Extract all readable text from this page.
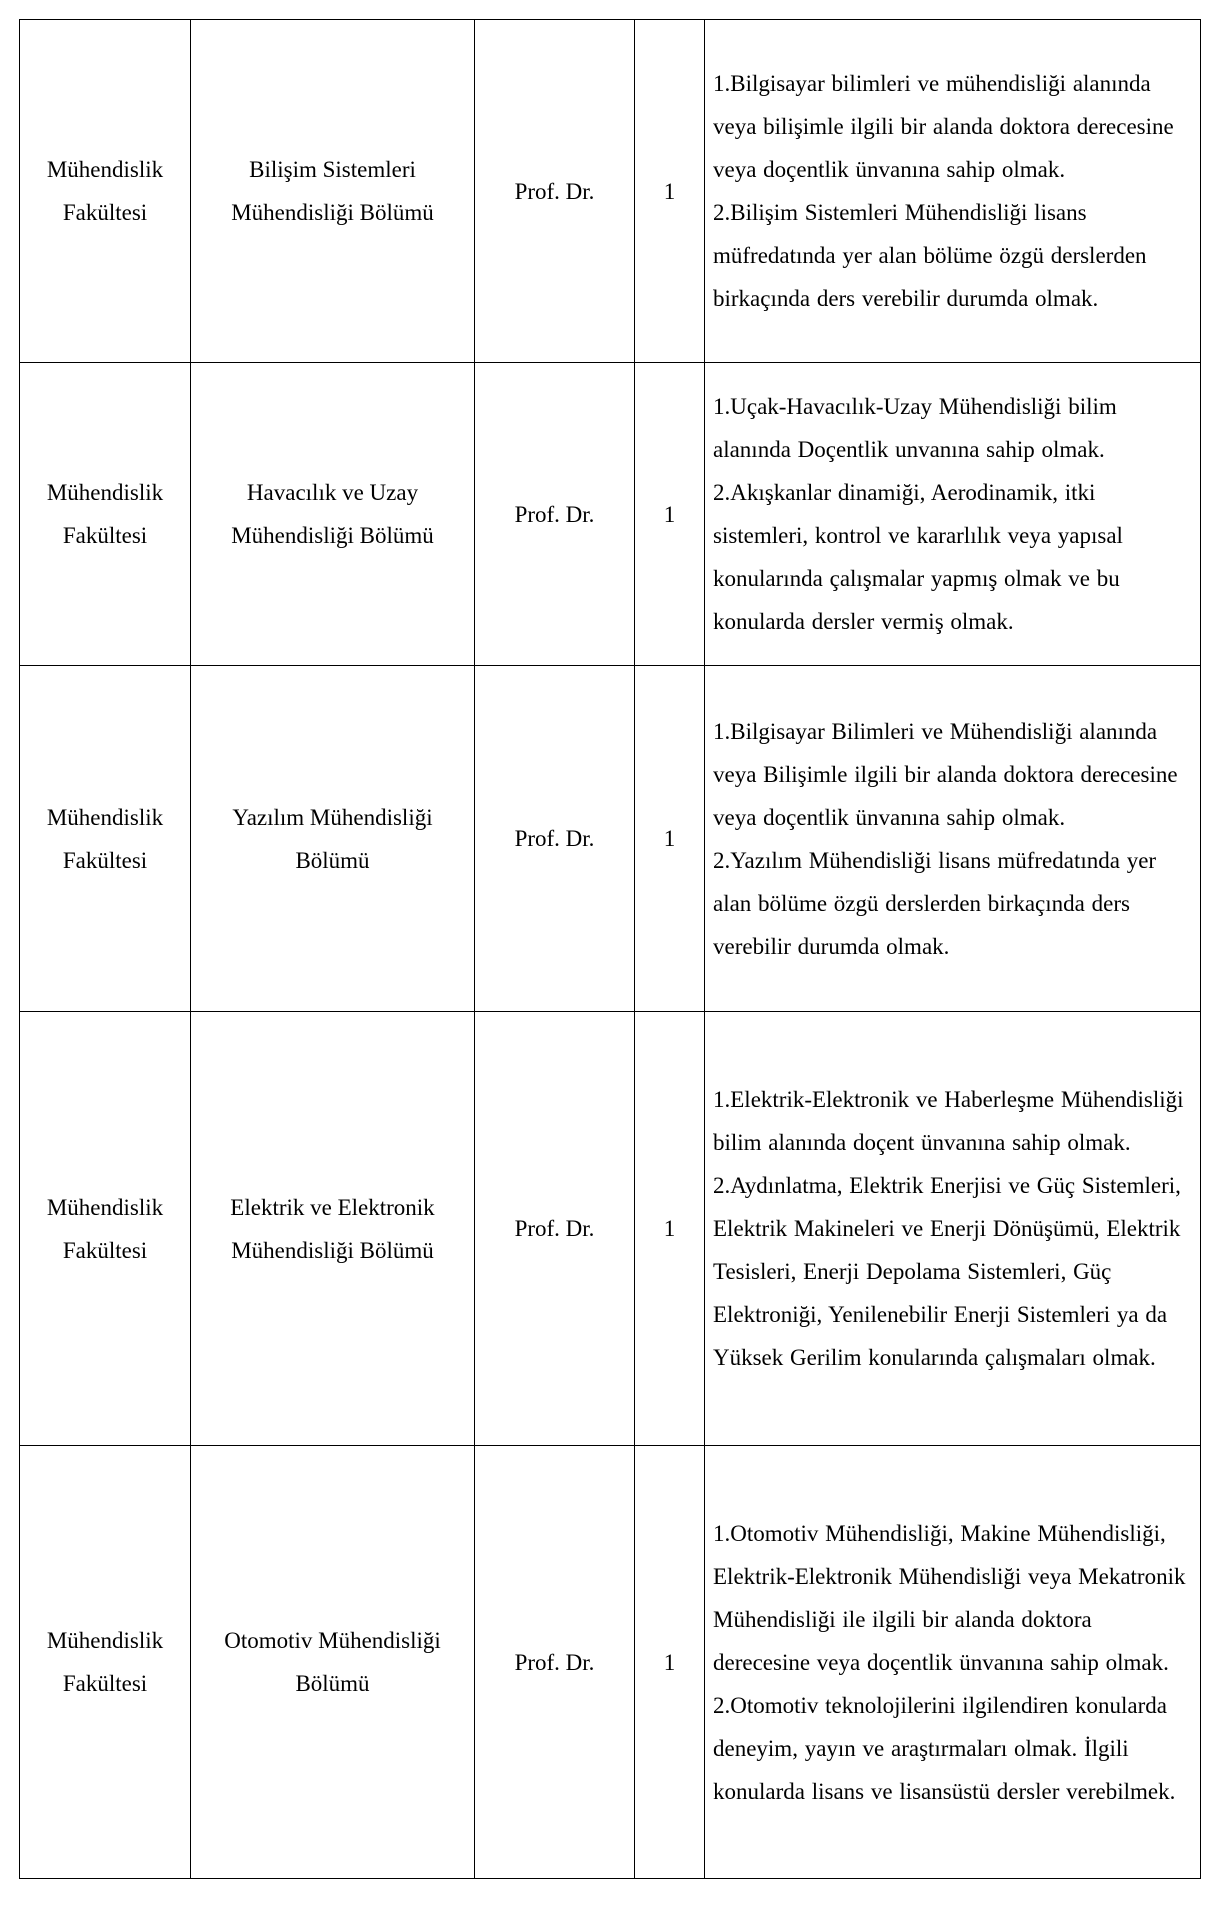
Mühendislik Fakültesi	Bilişim Sistemleri Mühendisliği Bölümü	Prof. Dr.	1	1.Bilgisayar bilimleri ve mühendisliği alanında veya bilişimle ilgili bir alanda doktora derecesine veya doçentlik ünvanına sahip olmak.
2.Bilişim Sistemleri Mühendisliği lisans müfredatında yer alan bölüme özgü derslerden birkaçında ders verebilir durumda olmak.

Mühendislik Fakültesi	Havacılık ve Uzay Mühendisliği Bölümü	Prof. Dr.	1	1.Uçak-Havacılık-Uzay Mühendisliği bilim alanında Doçentlik unvanına sahip olmak.
2.Akışkanlar dinamiği, Aerodinamik, itki sistemleri, kontrol ve kararlılık veya yapısal konularında çalışmalar yapmış olmak ve bu konularda dersler vermiş olmak.

Mühendislik Fakültesi	Yazılım Mühendisliği Bölümü	Prof. Dr.	1	1.Bilgisayar Bilimleri ve Mühendisliği alanında veya Bilişimle ilgili bir alanda doktora derecesine veya doçentlik ünvanına sahip olmak.
2.Yazılım Mühendisliği lisans müfredatında yer alan bölüme özgü derslerden birkaçında ders verebilir durumda olmak.

Mühendislik Fakültesi	Elektrik ve Elektronik Mühendisliği Bölümü	Prof. Dr.	1	1.Elektrik-Elektronik ve Haberleşme Mühendisliği bilim alanında doçent ünvanına sahip olmak.
2.Aydınlatma, Elektrik Enerjisi ve Güç Sistemleri, Elektrik Makineleri ve Enerji Dönüşümü, Elektrik Tesisleri, Enerji Depolama Sistemleri, Güç Elektroniği, Yenilenebilir Enerji Sistemleri ya da Yüksek Gerilim konularında çalışmaları olmak.

Mühendislik Fakültesi	Otomotiv Mühendisliği Bölümü	Prof. Dr.	1	1.Otomotiv Mühendisliği, Makine Mühendisliği, Elektrik-Elektronik Mühendisliği veya Mekatronik Mühendisliği ile ilgili bir alanda doktora derecesine veya doçentlik ünvanına sahip olmak.
2.Otomotiv teknolojilerini ilgilendiren konularda deneyim, yayın ve araştırmaları olmak. İlgili konularda lisans ve lisansüstü dersler verebilmek.
